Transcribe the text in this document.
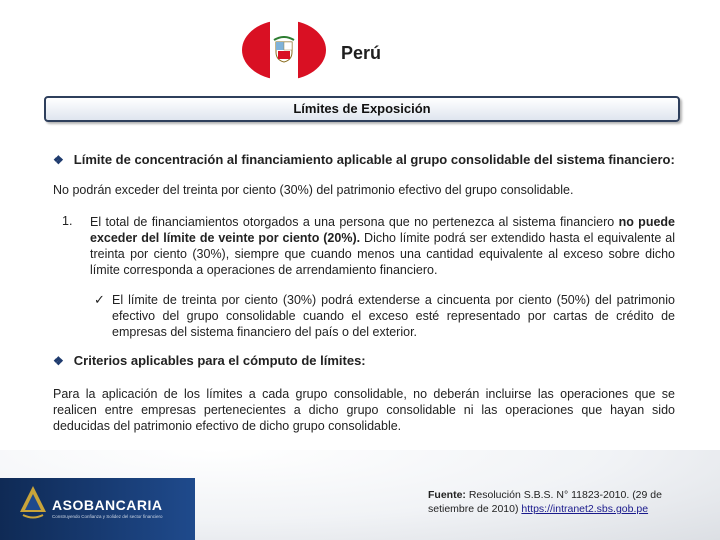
Perú
Límites de Exposición
❖ Límite de concentración al financiamiento aplicable al grupo consolidable del sistema financiero:
No podrán exceder del treinta por ciento (30%) del patrimonio efectivo del grupo consolidable.
1. El total de financiamientos otorgados a una persona que no pertenezca al sistema financiero no puede exceder del límite de veinte por ciento (20%). Dicho límite podrá ser extendido hasta el equivalente al treinta por ciento (30%), siempre que cuando menos una cantidad equivalente al exceso sobre dicho límite corresponda a operaciones de arrendamiento financiero.
✓ El límite de treinta por ciento (30%) podrá extenderse a cincuenta por ciento (50%) del patrimonio efectivo del grupo consolidable cuando el exceso esté representado por cartas de crédito de empresas del sistema financiero del país o del exterior.
❖ Criterios aplicables para el cómputo de límites:
Para la aplicación de los límites a cada grupo consolidable, no deberán incluirse las operaciones que se realicen entre empresas pertenecientes a dicho grupo consolidable ni las operaciones que hayan sido deducidas del patrimonio efectivo de dicho grupo consolidable.
ASOBANCARIA
Construyendo Confianza y Solidez del sector financiero
Fuente: Resolución S.B.S. N° 11823-2010. (29 de setiembre de 2010) https://intranet2.sbs.gob.pe
